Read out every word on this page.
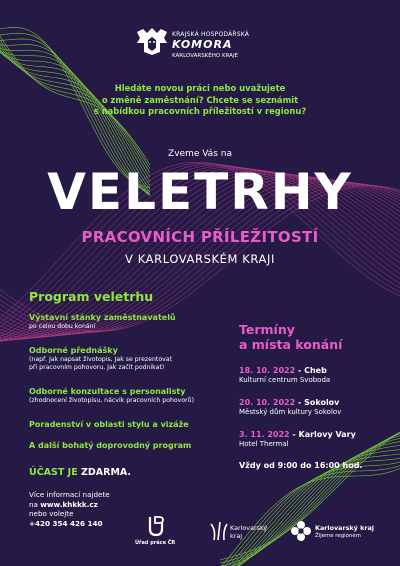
KRAJSKÁ HOSPODÁŘSKÁ
KOMORA
KARLOVARSKÉHO KRAJE
Hledáte novou práci nebo uvažujete
o změně zaměstnání? Chcete se seznámit
s nabídkou pracovních příležitostí v regionu?
Zveme Vás na
VELETRHY
PRACOVNÍCH PŘÍLEŽITOSTÍ
V KARLOVARSKÉM KRAJI
Program veletrhu
Výstavní stánky zaměstnavatelů
po celou dobu konání
Odborné přednášky
(např. Jak napsat životopis, Jak se prezentovat
při pracovním pohovoru, Jak začít podnikat)
Odborné konzultace s personalisty
(zhodnocení životopisu, nácvik pracovních pohovorů)
Poradenství v oblasti stylu a vizáže
A další bohatý doprovodný program
ÚČAST JE ZDARMA.
Více informací najdete
na www.khkkk.cz
nebo volejte
+420 354 426 140
Termíny
a místa konání
18. 10. 2022 - Cheb
Kulturní centrum Svoboda
20. 10. 2022 - Sokolov
Městský dům kultury Sokolov
3. 11. 2022 - Karlovy Vary
Hotel Thermal
Vždy od 9:00 do 16:00 hod.
Úřad práce ČR
Karlovarský kraj
Karlovarský kraj
Žijeme regionem
